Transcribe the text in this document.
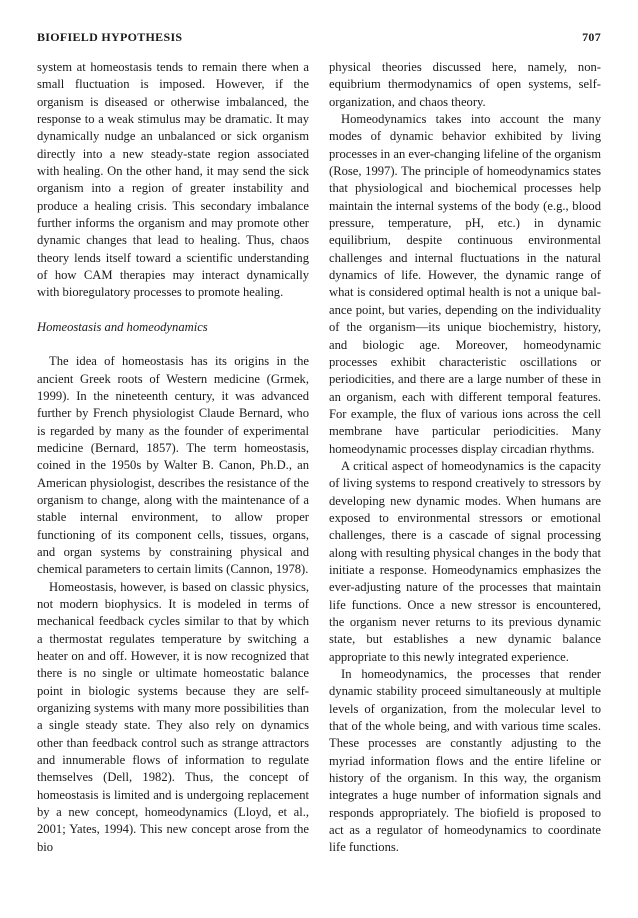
BIOFIELD HYPOTHESIS	707

system at homeostasis tends to remain there when a small fluctuation is imposed. However, if the organism is diseased or otherwise imbalanced, the response to a weak stimulus may be dramatic. It may dynamically nudge an unbalanced or sick organism directly into a new steady-state region associated with healing. On the other hand, it may send the sick organism into a region of greater instability and produce a healing crisis. This secondary imbalance further informs the organism and may promote other dynamic changes that lead to healing. Thus, chaos theory lends itself toward a scientific understanding of how CAM therapies may interact dynamically with bioregulatory processes to promote healing.

Homeostasis and homeodynamics

The idea of homeostasis has its origins in the ancient Greek roots of Western medicine (Grmek, 1999). In the nineteenth century, it was advanced further by French physiologist Claude Bernard, who is regarded by many as the founder of experimental medicine (Bernard, 1857). The term homeostasis, coined in the 1950s by Walter B. Canon, Ph.D., an American physiologist, describes the resistance of the organism to change, along with the maintenance of a stable internal environment, to allow proper functioning of its component cells, tissues, organs, and organ systems by constraining physical and chemical parameters to certain limits (Cannon, 1978).

Homeostasis, however, is based on classic physics, not modern biophysics. It is modeled in terms of mechanical feedback cycles similar to that by which a thermostat regulates temperature by switching a heater on and off. However, it is now recognized that there is no single or ultimate homeostatic balance point in biologic systems because they are self-organizing systems with many more possibilities than a single steady state. They also rely on dynamics other than feedback control such as strange attractors and innumerable flows of information to regulate themselves (Dell, 1982). Thus, the concept of homeostasis is limited and is undergoing replacement by a new concept, homeodynamics (Lloyd, et al., 2001; Yates, 1994). This new concept arose from the bio

physical theories discussed here, namely, nonequibrium thermodynamics of open systems, self-organization, and chaos theory.

Homeodynamics takes into account the many modes of dynamic behavior exhibited by living processes in an ever-changing lifeline of the organism (Rose, 1997). The principle of homeodynamics states that physiological and biochemical processes help maintain the internal systems of the body (e.g., blood pressure, temperature, pH, etc.) in dynamic equilibrium, despite continuous environmental challenges and internal fluctuations in the natural dynamics of life. However, the dynamic range of what is considered optimal health is not a unique balance point, but varies, depending on the individuality of the organism—its unique biochemistry, history, and biologic age. Moreover, homeodynamic processes exhibit characteristic oscillations or periodicities, and there are a large number of these in an organism, each with different temporal features. For example, the flux of various ions across the cell membrane have particular periodicities. Many homeodynamic processes display circadian rhythms.

A critical aspect of homeodynamics is the capacity of living systems to respond creatively to stressors by developing new dynamic modes. When humans are exposed to environmental stressors or emotional challenges, there is a cascade of signal processing along with resulting physical changes in the body that initiate a response. Homeodynamics emphasizes the ever-adjusting nature of the processes that maintain life functions. Once a new stressor is encountered, the organism never returns to its previous dynamic state, but establishes a new dynamic balance appropriate to this newly integrated experience.

In homeodynamics, the processes that render dynamic stability proceed simultaneously at multiple levels of organization, from the molecular level to that of the whole being, and with various time scales. These processes are constantly adjusting to the myriad information flows and the entire lifeline or history of the organism. In this way, the organism integrates a huge number of information signals and responds appropriately. The biofield is proposed to act as a regulator of homeodynamics to coordinate life functions.
